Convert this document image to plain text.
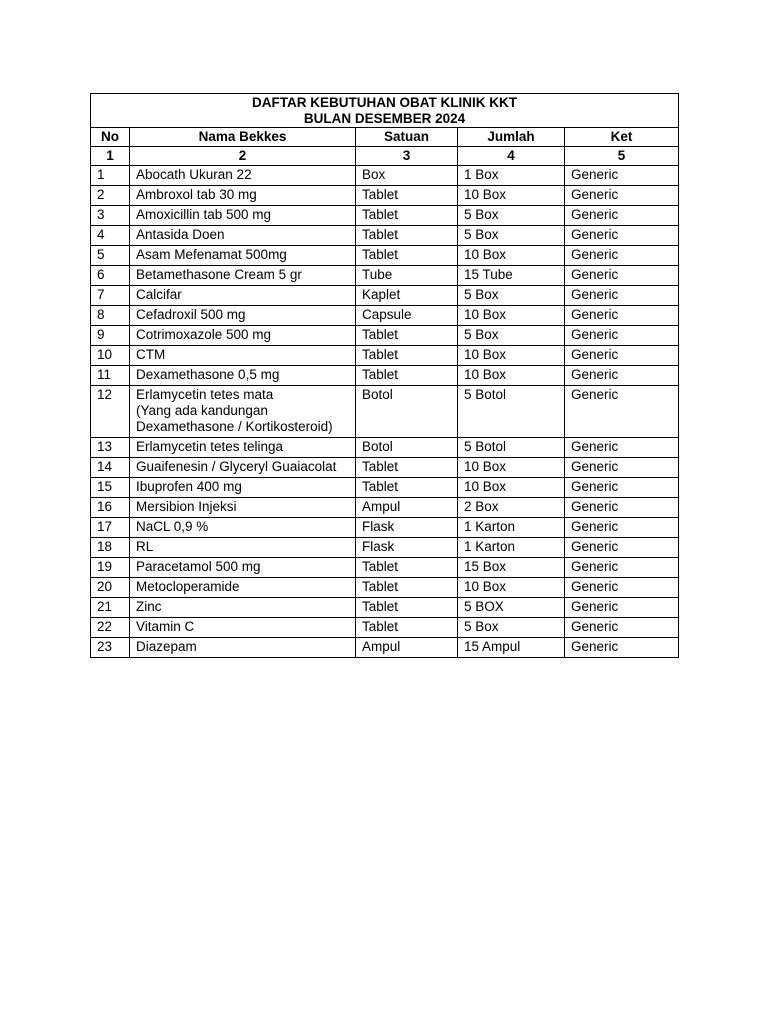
DAFTAR KEBUTUHAN OBAT KLINIK KKT
BULAN DESEMBER 2024				

No	Nama Bekkes	Satuan	Jumlah	Ket
1	2	3	4	5
1	Abocath Ukuran 22	Box	1 Box	Generic
2	Ambroxol tab 30 mg	Tablet	10 Box	Generic
3	Amoxicillin tab 500 mg	Tablet	5 Box	Generic
4	Antasida Doen	Tablet	5 Box	Generic
5	Asam Mefenamat 500mg	Tablet	10 Box	Generic
6	Betamethasone Cream 5 gr	Tube	15 Tube	Generic
7	Calcifar	Kaplet	5 Box	Generic
8	Cefadroxil 500 mg	Capsule	10 Box	Generic
9	Cotrimoxazole 500 mg	Tablet	5 Box	Generic
10	CTM	Tablet	10 Box	Generic
11	Dexamethasone 0,5 mg	Tablet	10 Box	Generic
12	Erlamycetin tetes mata
(Yang ada kandungan
Dexamethasone / Kortikosteroid)	Botol	5 Botol	Generic
13	Erlamycetin tetes telinga	Botol	5 Botol	Generic
14	Guaifenesin / Glyceryl Guaiacolat	Tablet	10 Box	Generic
15	Ibuprofen 400 mg	Tablet	10 Box	Generic
16	Mersibion Injeksi	Ampul	2 Box	Generic
17	NaCL 0,9 %	Flask	1 Karton	Generic
18	RL	Flask	1 Karton	Generic
19	Paracetamol 500 mg	Tablet	15 Box	Generic
20	Metocloperamide	Tablet	10 Box	Generic
21	Zinc	Tablet	5 BOX	Generic
22	Vitamin C	Tablet	5 Box	Generic
23	Diazepam	Ampul	15 Ampul	Generic
